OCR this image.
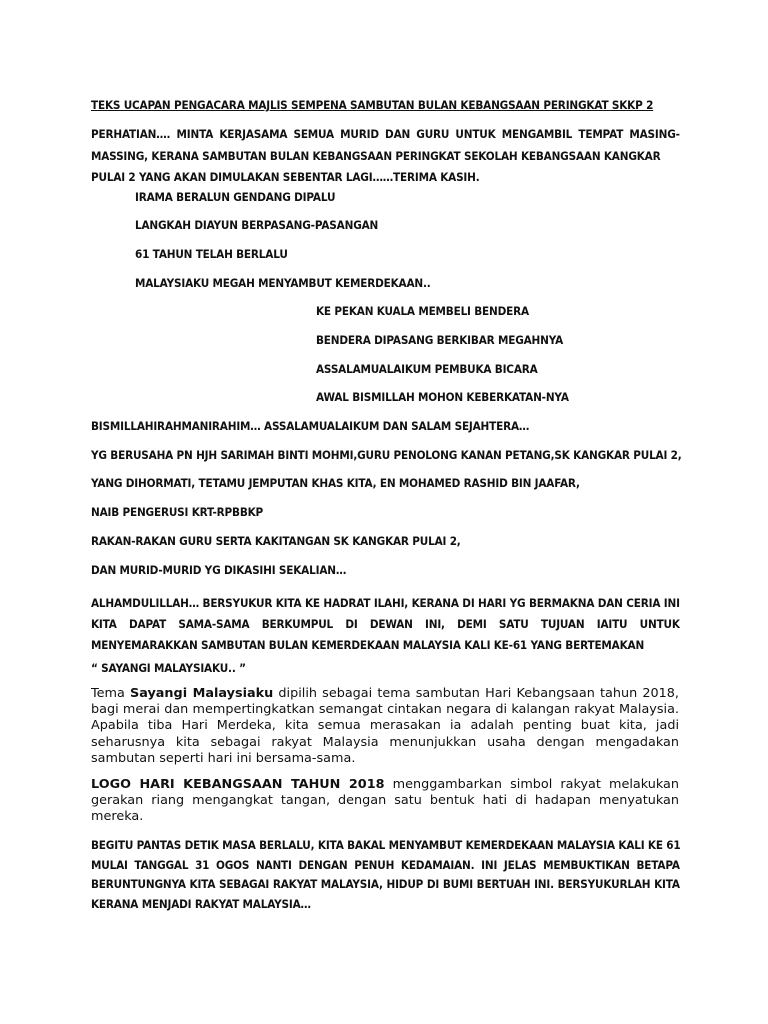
TEKS UCAPAN PENGACARA MAJLIS SEMPENA SAMBUTAN BULAN KEBANGSAAN PERINGKAT SKKP 2
PERHATIAN…. MINTA KERJASAMA SEMUA MURID DAN GURU UNTUK MENGAMBIL TEMPAT MASING-
MASSING, KERANA SAMBUTAN BULAN KEBANGSAAN PERINGKAT SEKOLAH KEBANGSAAN KANGKAR
PULAI 2 YANG AKAN DIMULAKAN SEBENTAR LAGI……TERIMA KASIH.
IRAMA BERALUN GENDANG DIPALU
LANGKAH DIAYUN BERPASANG-PASANGAN
61 TAHUN TELAH BERLALU
MALAYSIAKU MEGAH MENYAMBUT KEMERDEKAAN..
KE PEKAN KUALA MEMBELI BENDERA
BENDERA DIPASANG BERKIBAR MEGAHNYA
ASSALAMUALAIKUM PEMBUKA BICARA
AWAL BISMILLAH MOHON KEBERKATAN-NYA
BISMILLAHIRAHMANIRAHIM… ASSALAMUALAIKUM DAN SALAM SEJAHTERA…
YG BERUSAHA PN HJH SARIMAH BINTI MOHMI,GURU PENOLONG KANAN PETANG,SK KANGKAR PULAI 2,
YANG DIHORMATI, TETAMU JEMPUTAN KHAS KITA, EN MOHAMED RASHID BIN JAAFAR,
NAIB PENGERUSI KRT-RPBBKP
RAKAN-RAKAN GURU SERTA KAKITANGAN SK KANGKAR PULAI 2,
DAN MURID-MURID YG DIKASIHI SEKALIAN…
ALHAMDULILLAH… BERSYUKUR KITA KE HADRAT ILAHI, KERANA DI HARI YG BERMAKNA DAN CERIA INI
KITA DAPAT SAMA-SAMA BERKUMPUL DI DEWAN INI, DEMI SATU TUJUAN IAITU UNTUK
MENYEMARAKKAN SAMBUTAN BULAN KEMERDEKAAN MALAYSIA KALI KE-61 YANG BERTEMAKAN
“ SAYANGI MALAYSIAKU.. ”
Tema Sayangi Malaysiaku dipilih sebagai tema sambutan Hari Kebangsaan tahun 2018,
bagi merai dan mempertingkatkan semangat cintakan negara di kalangan rakyat Malaysia.
Apabila tiba Hari Merdeka, kita semua merasakan ia adalah penting buat kita, jadi
seharusnya kita sebagai rakyat Malaysia menunjukkan usaha dengan mengadakan
sambutan seperti hari ini bersama-sama.
LOGO HARI KEBANGSAAN TAHUN 2018 menggambarkan simbol rakyat melakukan
gerakan riang mengangkat tangan, dengan satu bentuk hati di hadapan menyatukan
mereka.
BEGITU PANTAS DETIK MASA BERLALU, KITA BAKAL MENYAMBUT KEMERDEKAAN MALAYSIA KALI KE 61
MULAI TANGGAL 31 OGOS NANTI DENGAN PENUH KEDAMAIAN. INI JELAS MEMBUKTIKAN BETAPA
BERUNTUNGNYA KITA SEBAGAI RAKYAT MALAYSIA, HIDUP DI BUMI BERTUAH INI. BERSYUKURLAH KITA
KERANA MENJADI RAKYAT MALAYSIA…
